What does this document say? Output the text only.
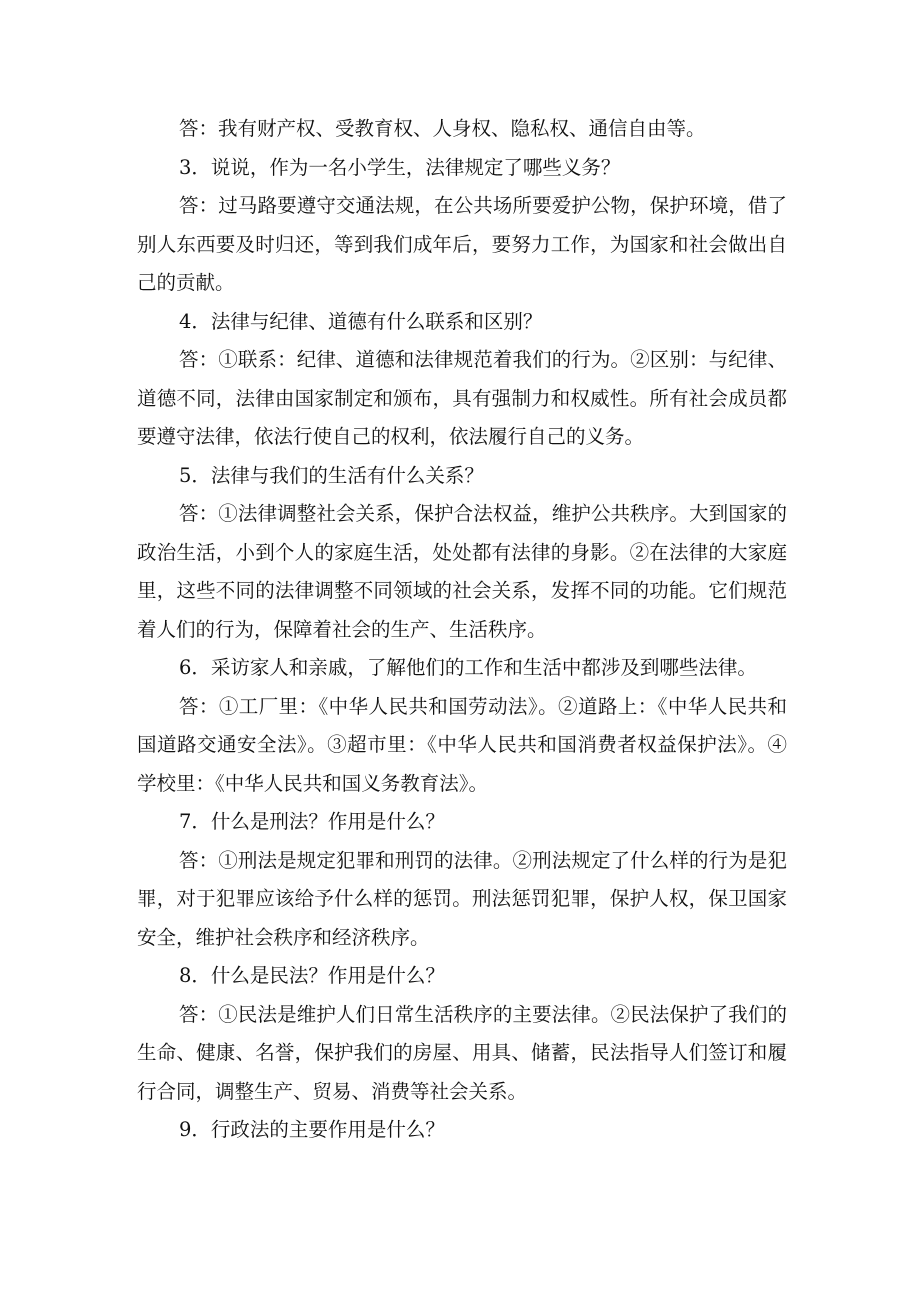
答：我有财产权、受教育权、人身权、隐私权、通信自由等。

3．说说，作为一名小学生，法律规定了哪些义务？

答：过马路要遵守交通法规，在公共场所要爱护公物，保护环境，借了别人东西要及时归还，等到我们成年后，要努力工作，为国家和社会做出自己的贡献。

4．法律与纪律、道德有什么联系和区别？

答：①联系：纪律、道德和法律规范着我们的行为。②区别：与纪律、道德不同，法律由国家制定和颁布，具有强制力和权威性。所有社会成员都要遵守法律，依法行使自己的权利，依法履行自己的义务。

5．法律与我们的生活有什么关系？

答：①法律调整社会关系，保护合法权益，维护公共秩序。大到国家的政治生活，小到个人的家庭生活，处处都有法律的身影。②在法律的大家庭里，这些不同的法律调整不同领域的社会关系，发挥不同的功能。它们规范着人们的行为，保障着社会的生产、生活秩序。

6．采访家人和亲戚，了解他们的工作和生活中都涉及到哪些法律。

答：①工厂里：《中华人民共和国劳动法》。②道路上：《中华人民共和国道路交通安全法》。③超市里：《中华人民共和国消费者权益保护法》。④学校里：《中华人民共和国义务教育法》。

7．什么是刑法？作用是什么？

答：①刑法是规定犯罪和刑罚的法律。②刑法规定了什么样的行为是犯罪，对于犯罪应该给予什么样的惩罚。刑法惩罚犯罪，保护人权，保卫国家安全，维护社会秩序和经济秩序。

8．什么是民法？作用是什么？

答：①民法是维护人们日常生活秩序的主要法律。②民法保护了我们的生命、健康、名誉，保护我们的房屋、用具、储蓄，民法指导人们签订和履行合同，调整生产、贸易、消费等社会关系。

9．行政法的主要作用是什么？
